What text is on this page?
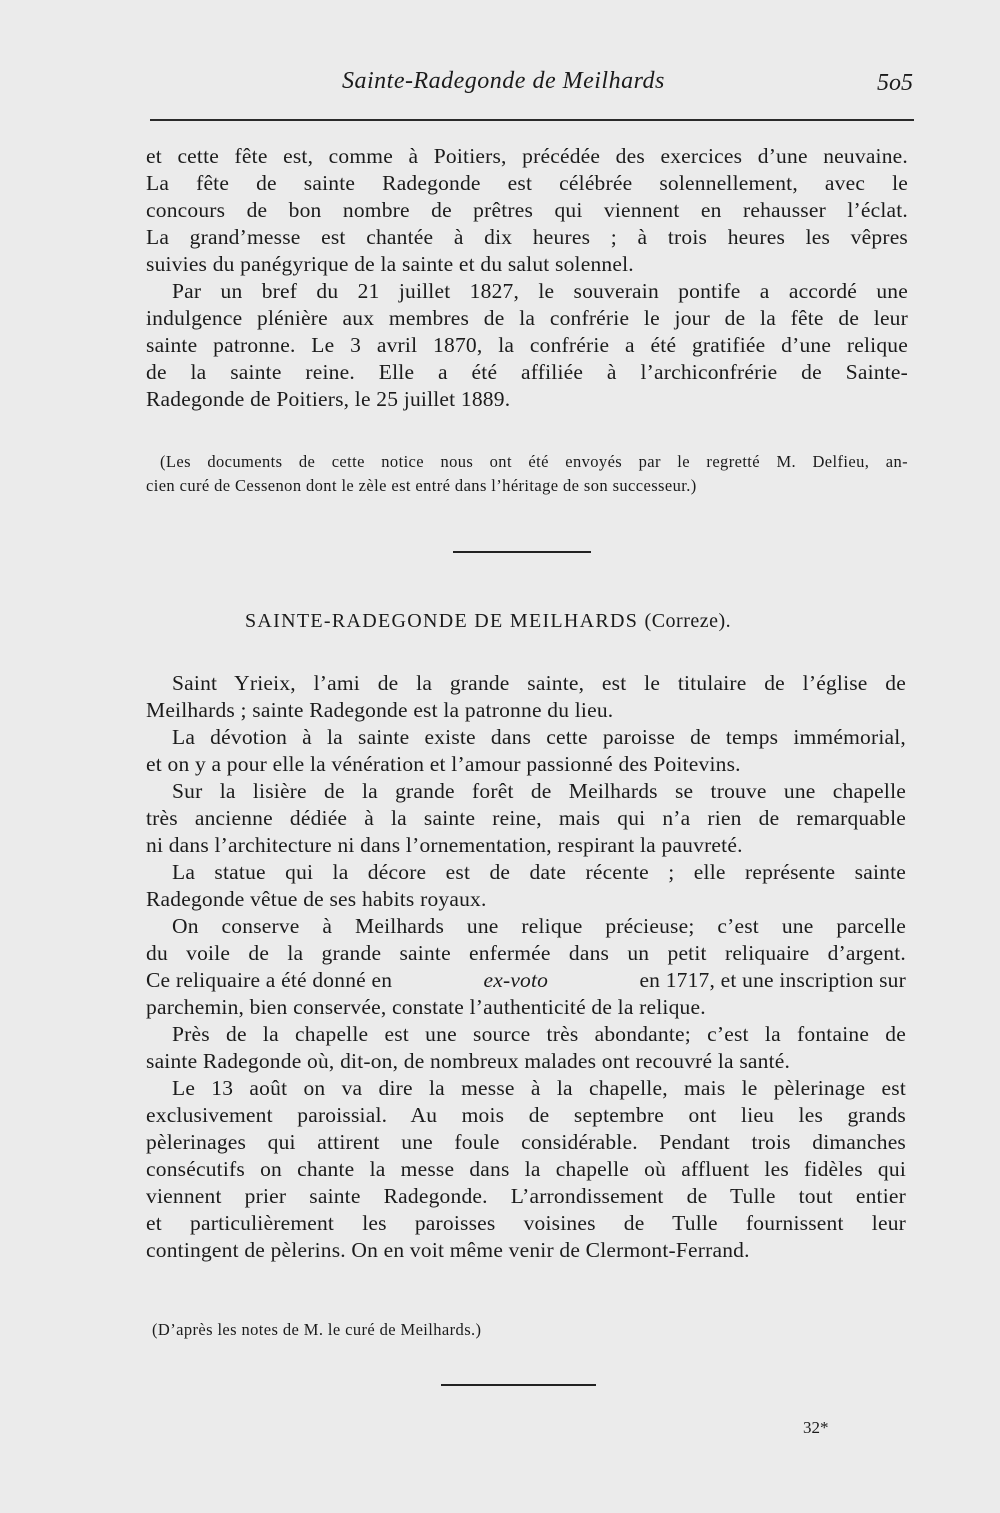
Sainte-Radegonde de Meilhards	5o5
et cette fête est, comme à Poitiers, précédée des exercices d’une neuvaine.
La fête de sainte Radegonde est célébrée solennellement, avec le
concours de bon nombre de prêtres qui viennent en rehausser l’éclat.
La grand’messe est chantée à dix heures ; à trois heures les vêpres
suivies du panégyrique de la sainte et du salut solennel.
Par un bref du 21 juillet 1827, le souverain pontife a accordé une
indulgence plénière aux membres de la confrérie le jour de la fête de leur
sainte patronne. Le 3 avril 1870, la confrérie a été gratifiée d’une relique
de la sainte reine. Elle a été affiliée à l’archiconfrérie de Sainte-
Radegonde de Poitiers, le 25 juillet 1889.
(Les documents de cette notice nous ont été envoyés par le regretté M. Delfieu, an-
cien curé de Cessenon dont le zèle est entré dans l’héritage de son successeur.)
SAINTE-RADEGONDE DE MEILHARDS (Correze).
Saint Yrieix, l’ami de la grande sainte, est le titulaire de l’église de
Meilhards ; sainte Radegonde est la patronne du lieu.
La dévotion à la sainte existe dans cette paroisse de temps immémorial,
et on y a pour elle la vénération et l’amour passionné des Poitevins.
Sur la lisière de la grande forêt de Meilhards se trouve une chapelle
très ancienne dédiée à la sainte reine, mais qui n’a rien de remarquable
ni dans l’architecture ni dans l’ornementation, respirant la pauvreté.
La statue qui la décore est de date récente ; elle représente sainte
Radegonde vêtue de ses habits royaux.
On conserve à Meilhards une relique précieuse; c’est une parcelle
du voile de la grande sainte enfermée dans un petit reliquaire d’argent.
Ce reliquaire a été donné en	ex-voto	en 1717, et une inscription sur
parchemin, bien conservée, constate l’authenticité de la relique.
Près de la chapelle est une source très abondante; c’est la fontaine de
sainte Radegonde où, dit-on, de nombreux malades ont recouvré la santé.
Le 13 août on va dire la messe à la chapelle, mais le pèlerinage est
exclusivement paroissial. Au mois de septembre ont lieu les grands
pèlerinages qui attirent une foule considérable. Pendant trois dimanches
consécutifs on chante la messe dans la chapelle où affluent les fidèles qui
viennent prier sainte Radegonde. L’arrondissement de Tulle tout entier
et particulièrement les paroisses voisines de Tulle fournissent leur
contingent de pèlerins. On en voit même venir de Clermont-Ferrand.
(D’après les notes de M. le curé de Meilhards.)
32*
